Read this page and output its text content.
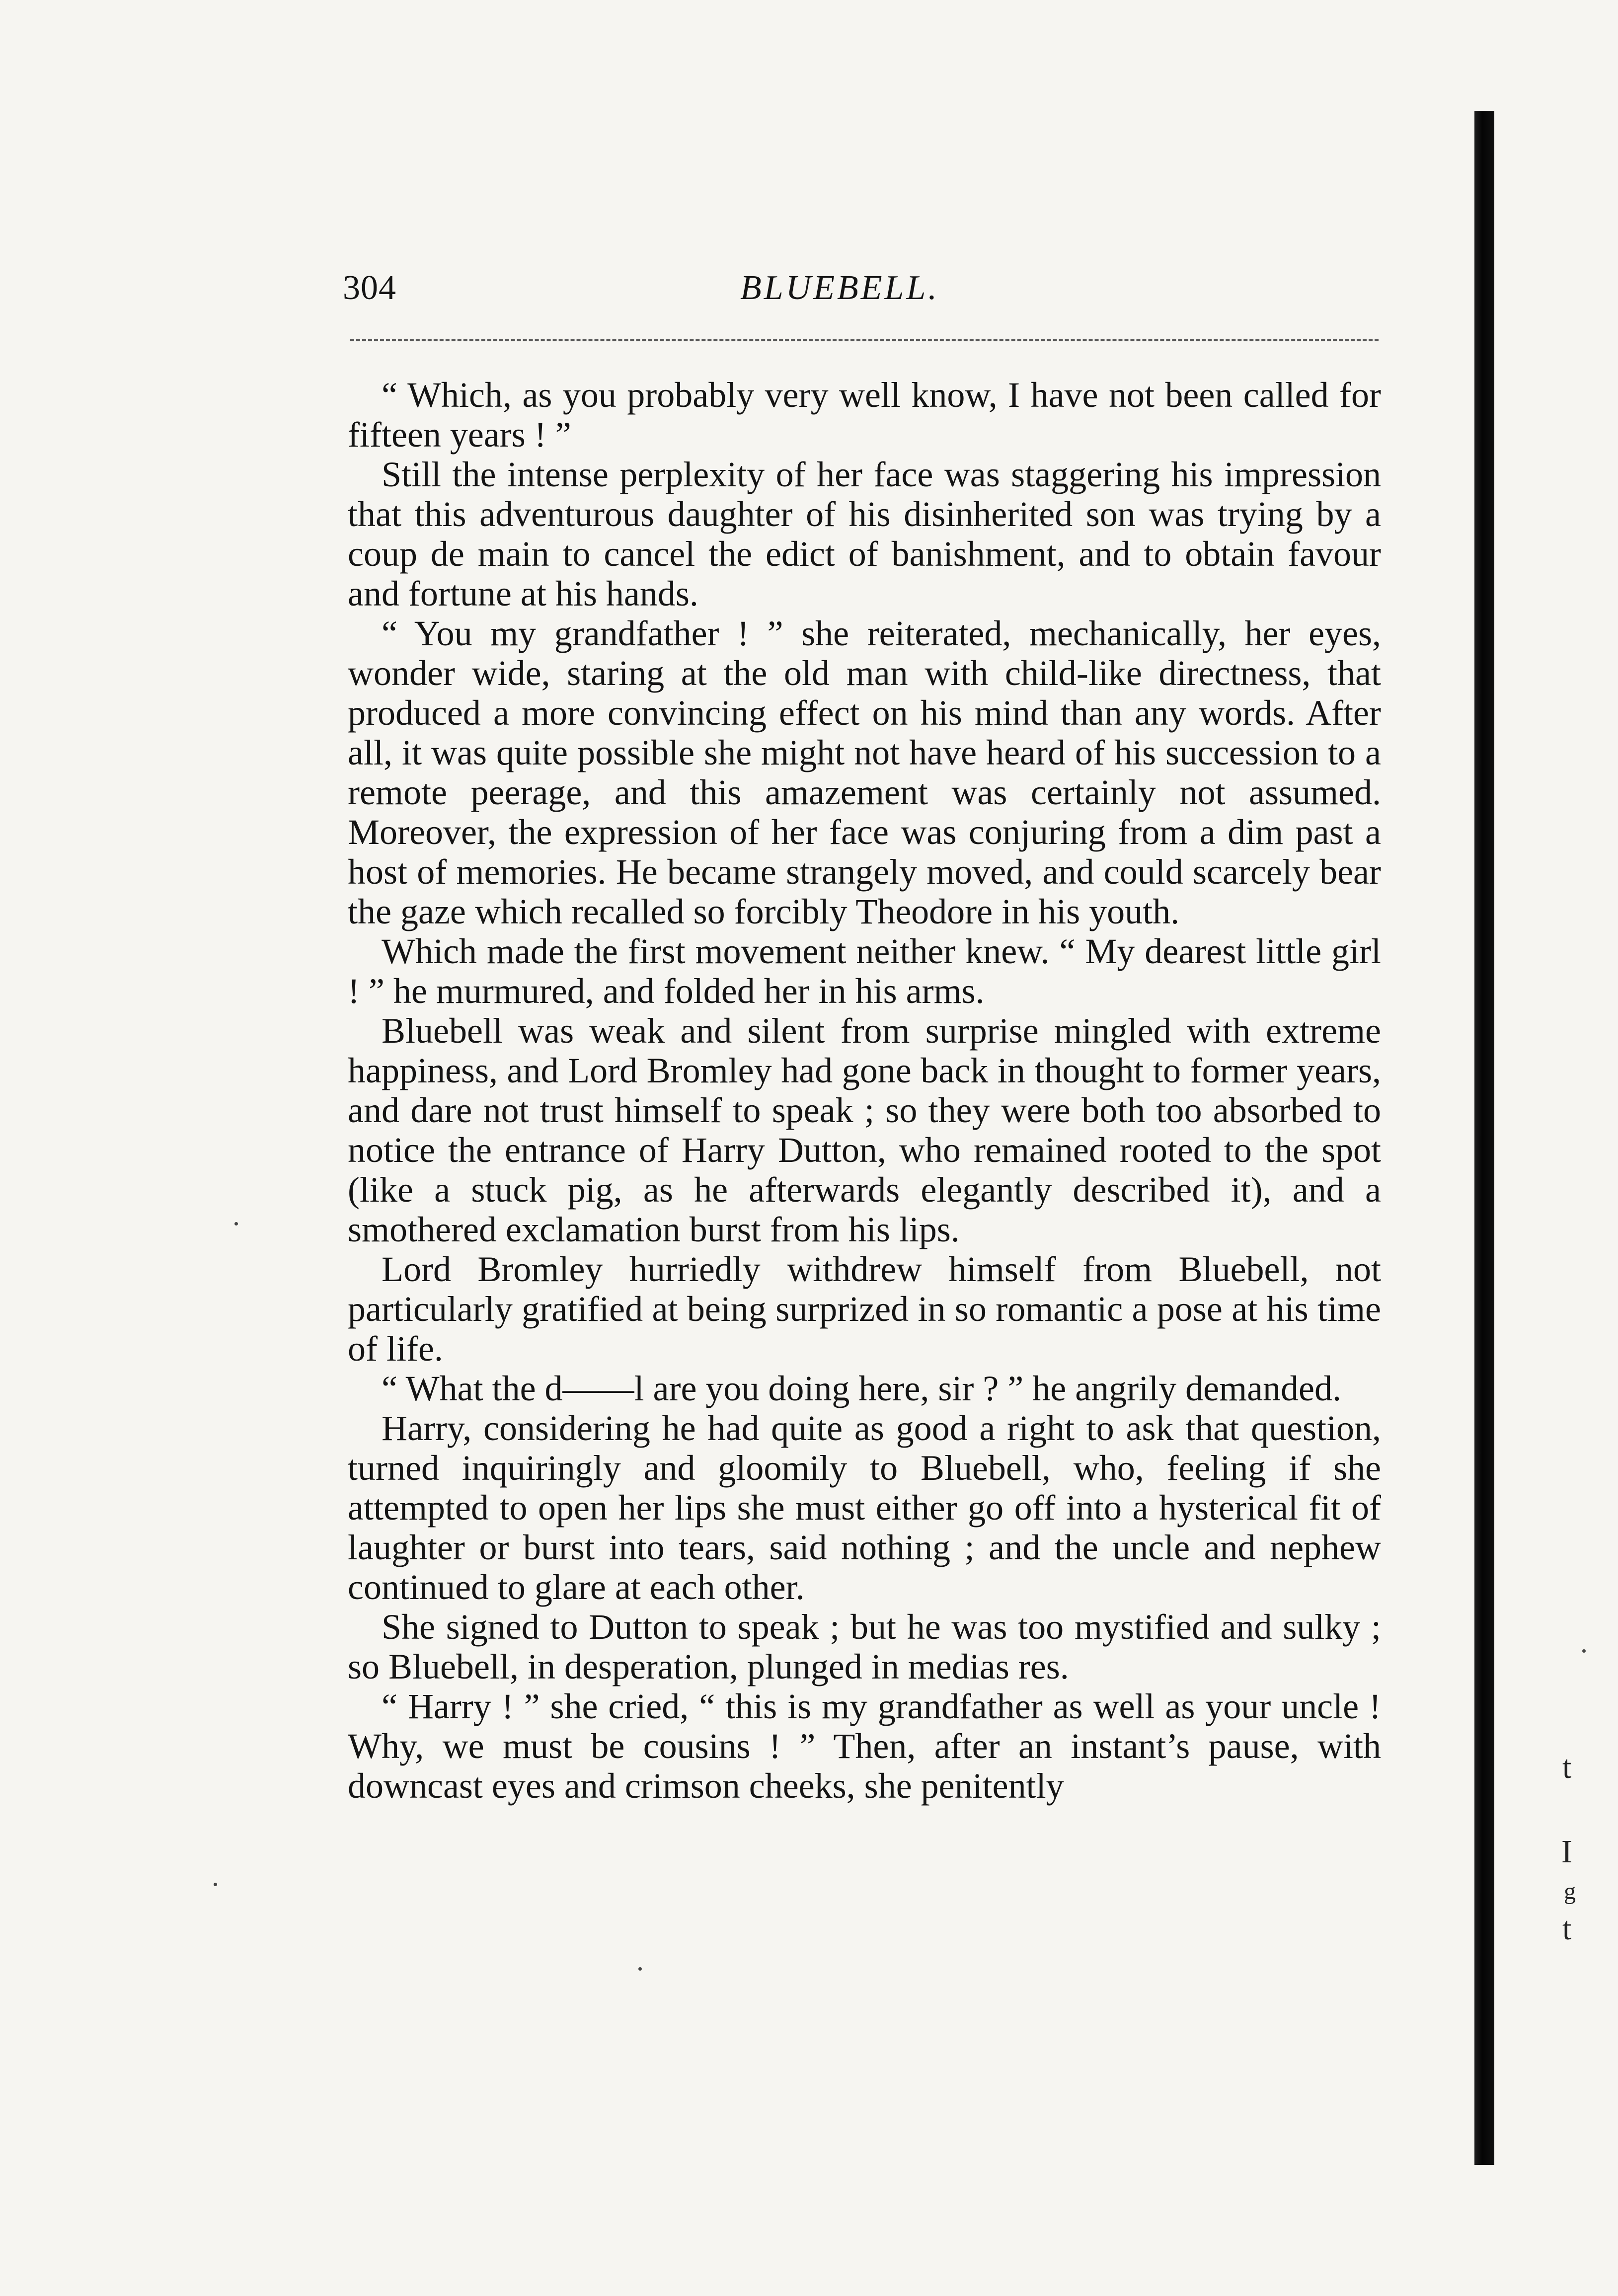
304	BLUEBELL.

“ Which, as you probably very well know, I have not been called for fifteen years ! ”

Still the intense perplexity of her face was staggering his impression that this adventurous daughter of his disinherited son was trying by a coup de main to cancel the edict of banishment, and to obtain favour and fortune at his hands.

“ You my grandfather ! ” she reiterated, mechanically, her eyes, wonder wide, staring at the old man with child-like directness, that produced a more convincing effect on his mind than any words. After all, it was quite possible she might not have heard of his succession to a remote peerage, and this amazement was certainly not assumed. Moreover, the expression of her face was conjuring from a dim past a host of memories. He became strangely moved, and could scarcely bear the gaze which recalled so forcibly Theodore in his youth.

Which made the first movement neither knew. “ My dearest little girl ! ” he murmured, and folded her in his arms.

Bluebell was weak and silent from surprise mingled with extreme happiness, and Lord Bromley had gone back in thought to former years, and dare not trust himself to speak ; so they were both too absorbed to notice the entrance of Harry Dutton, who remained rooted to the spot (like a stuck pig, as he afterwards elegantly described it), and a smothered exclamation burst from his lips.

Lord Bromley hurriedly withdrew himself from Bluebell, not particularly gratified at being surprized in so romantic a pose at his time of life.

“ What the d——l are you doing here, sir ? ” he angrily demanded.

Harry, considering he had quite as good a right to ask that question, turned inquiringly and gloomily to Bluebell, who, feeling if she attempted to open her lips she must either go off into a hysterical fit of laughter or burst into tears, said nothing ; and the uncle and nephew continued to glare at each other.

She signed to Dutton to speak ; but he was too mystified and sulky ; so Bluebell, in desperation, plunged in medias res.

“ Harry ! ” she cried, “ this is my grandfather as well as your uncle ! Why, we must be cousins ! ” Then, after an instant’s pause, with downcast eyes and crimson cheeks, she penitently	t
I
g
t
